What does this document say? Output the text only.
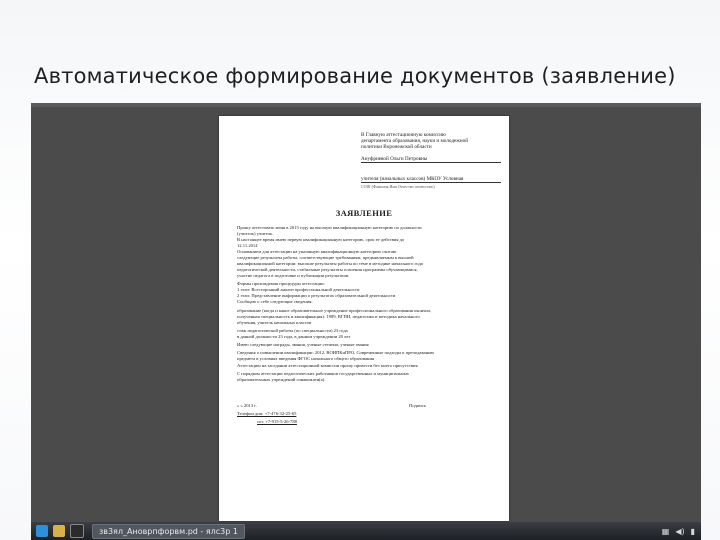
Автоматическое формирование документов (заявление)
В Главную аттестационную комиссию
департамента образования, науки и молодежной
политики Воронежской области
Ануфриевой Ольги Петровны
учителя (начальных классов) МКОУ Условная
СОШ (Фамилия Имя Отчество полностью)
ЗАЯВЛЕНИЕ
Прошу аттестовать меня в 2013 году на высшую квалификационную категорию по должности
(учитель) учитель.
В настоящее время имею первую квалификационную категорию, срок ее действия до
12.11.2014
Основанием для аттестации на указанную квалификационную категорию считаю
следующие результаты работы, соответствующие требованиям, предъявляемым к высшей
квалификационной категории: высокие результаты работы по теме в методике начального года
педагогической деятельности, стабильные результаты освоения программы обучающимися,
участие педагога в подготовке и публикации результатов.
Формы прохождения процедуры аттестации:
1 этап: Всесторонний анализ профессиональной деятельности
2 этап: Представление информации о результатах образовательной деятельности
Сообщаю о себе следующие сведения:
образование (когда и какое образовательное учреждение профессионального образования окончил,
полученная специальность и квалификация): 1989, ВГПИ, педагогика и методика начального
обучения, учитель начальных классов
стаж педагогической работы (по специальности) 23 года
в данной должности 23 года, в данном учреждении 20 лет
Имею следующие награды, звания, ученые степени, ученые звания
Сведения о повышении квалификации: 2012, ВОИПКиПРО, Современные подходы к преподаванию
предмета в условиях введения ФГОС начального общего образования
Аттестацию на заседании аттестационной комиссии прошу провести без моего присутствия
С порядком аттестации педагогических работников государственных и муниципальных
образовательных учреждений ознакомлен(а).
« » 2013 г.	Подпись
Телефон дом. +7-476-32-25-65
сот. +7-915-5-26-788
зв3ял_Ановрпфорвм.pd - ялс3р 1	▦ ◀) ▮
